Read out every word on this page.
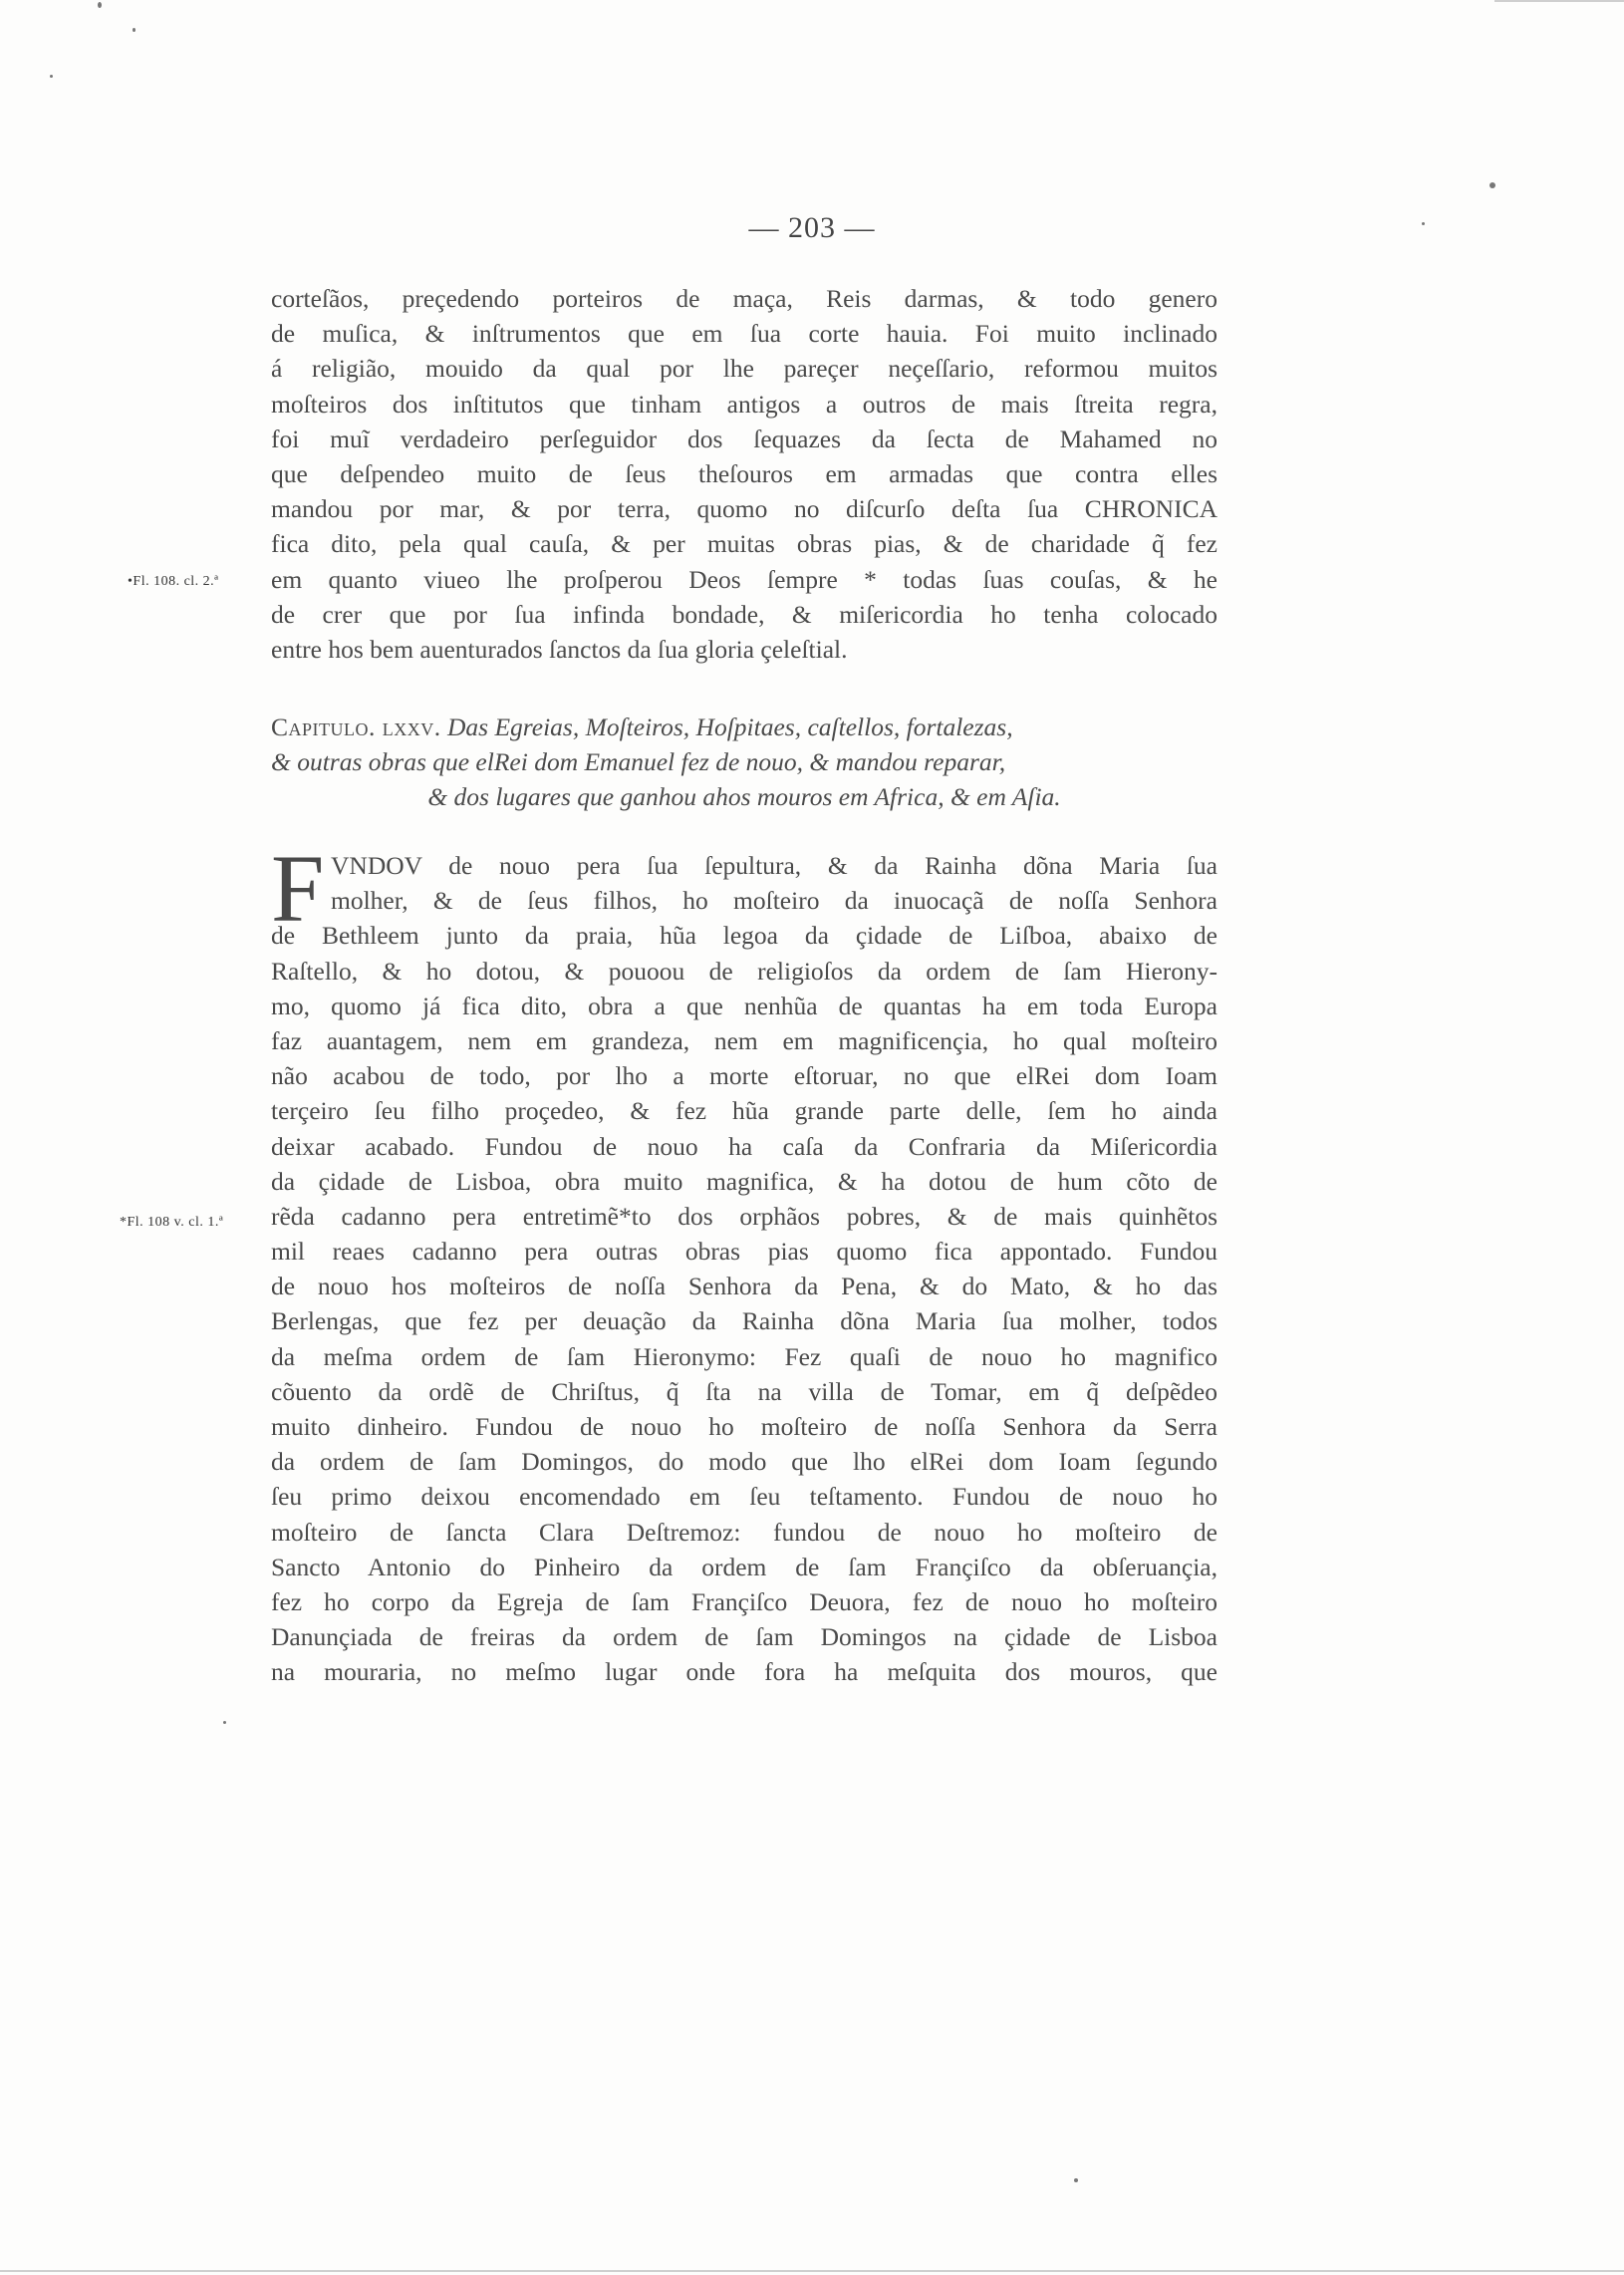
— 203 —
corteſãos, preçedendo porteiros de maça, Reis darmas, & todo genero
de muſica, & inſtrumentos que em ſua corte hauia. Foi muito inclinado
á religião, mouido da qual por lhe pareçer neçeſſario, reformou muitos
moſteiros dos inſtitutos que tinham antigos a outros de mais ſtreita regra,
foi muĩ verdadeiro perſeguidor dos ſequazes da ſecta de Mahamed no
que deſpendeo muito de ſeus theſouros em armadas que contra elles
mandou por mar, & por terra, quomo no diſcurſo deſta ſua CHRONICA
fica dito, pela qual cauſa, & per muitas obras pias, & de charidade q̃ fez
em quanto viueo lhe proſperou Deos ſempre * todas ſuas couſas, & he
de crer que por ſua infinda bondade, & miſericordia ho tenha colocado
entre hos bem auenturados ſanctos da ſua gloria çeleſtial.
•Fl. 108. cl. 2.ª
Capitulo. lxxv. Das Egreias, Moſteiros, Hoſpitaes, caſtellos, fortalezas,
& outras obras que elRei dom Emanuel fez de nouo, & mandou reparar,
& dos lugares que ganhou ahos mouros em Africa, & em Aſia.
F VNDOV de nouo pera ſua ſepultura, & da Rainha dõna Maria ſua
molher, & de ſeus filhos, ho moſteiro da inuocaçã de noſſa Senhora
de Bethleem junto da praia, hũa legoa da çidade de Liſboa, abaixo de
Raſtello, & ho dotou, & pouoou de religioſos da ordem de ſam Hierony-
mo, quomo já fica dito, obra a que nenhũa de quantas ha em toda Europa
faz auantagem, nem em grandeza, nem em magnificençia, ho qual moſteiro
não acabou de todo, por lho a morte eſtoruar, no que elRei dom Ioam
terçeiro ſeu filho proçedeo, & fez hũa grande parte delle, ſem ho ainda
deixar acabado. Fundou de nouo ha caſa da Confraria da Miſericordia
da çidade de Lisboa, obra muito magnifica, & ha dotou de hum cõto de
rẽda cadanno pera entretimẽ*to dos orphãos pobres, & de mais quinhẽtos
mil reaes cadanno pera outras obras pias quomo fica appontado. Fundou
de nouo hos moſteiros de noſſa Senhora da Pena, & do Mato, & ho das
Berlengas, que fez per deuação da Rainha dõna Maria ſua molher, todos
da meſma ordem de ſam Hieronymo: Fez quaſi de nouo ho magnifico
cõuento da ordẽ de Chriſtus, q̃ ſta na villa de Tomar, em q̃ deſpẽdeo
muito dinheiro. Fundou de nouo ho moſteiro de noſſa Senhora da Serra
da ordem de ſam Domingos, do modo que lho elRei dom Ioam ſegundo
ſeu primo deixou encomendado em ſeu teſtamento. Fundou de nouo ho
moſteiro de ſancta Clara Deſtremoz: fundou de nouo ho moſteiro de
Sancto Antonio do Pinheiro da ordem de ſam Françiſco da obſeruançia,
fez ho corpo da Egreja de ſam Françiſco Deuora, fez de nouo ho moſteiro
Danunçiada de freiras da ordem de ſam Domingos na çidade de Lisboa
na mouraria, no meſmo lugar onde fora ha meſquita dos mouros, que
*Fl. 108 v. cl. 1.ª
